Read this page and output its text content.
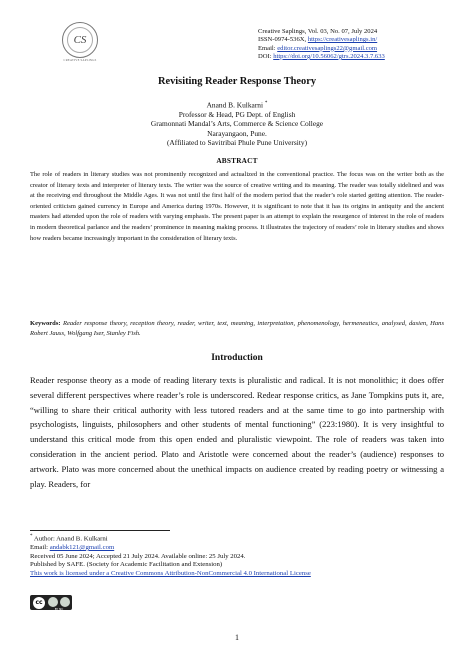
CS
CREATIVE SAPLINGS
Creative Saplings, Vol. 03, No. 07, July 2024
ISSN-0974-536X, https://creativesaplings.in/
Email: editor.creativesaplings22@gmail.com
DOI: https://doi.org/10.56062/gtrs.2024.3.7.633
Revisiting Reader Response Theory
Anand B. Kulkarni *
Professor & Head, PG Dept. of English
Gramonnati Mandal’s Arts, Commerce & Science College
Narayangaon, Pune.
(Affiliated to Savitribai Phule Pune University)
ABSTRACT
The role of readers in literary studies was not prominently recognized and actualized in the conventional practice. The focus was on the writer both as the creator of literary texts and interpreter of literary texts. The writer was the source of creative writing and its meaning. The reader was totally sidelined and was at the receiving end throughout the Middle Ages. It was not until the first half of the modern period that the reader’s role started getting attention. The reader-oriented criticism gained currency in Europe and America during 1970s. However, it is significant to note that it has its origins in antiquity and the ancient masters had attended upon the role of readers with varying emphasis. The present paper is an attempt to explain the resurgence of interest in the role of readers in modern theoretical parlance and the readers’ prominence in meaning making process. It illustrates the trajectory of readers’ role in literary studies and shows how readers became increasingly important in the consideration of literary texts.
Keywords: Reader response theory, reception theory, reader, writer, text, meaning, interpretation, phenomenology, hermeneutics, analysed, dasien, Hans Robert Jauss, Wolfgang Iser, Stanley Fish.
Introduction
Reader response theory as a mode of reading literary texts is pluralistic and radical. It is not monolithic; it does offer several different perspectives where reader’s role is underscored. Redear response critics, as Jane Tompkins puts it, are, “willing to share their critical authority with less tutored readers and at the same time to go into partnership with psychologists, linguists, philosophers and other students of mental functioning” (223:1980). It is very insightful to understand this critical mode from this open ended and pluralistic viewpoint. The role of readers was taken into consideration in the ancient period. Plato and Aristotle were concerned about the reader’s (audience) responses to artwork. Plato was more concerned about the unethical impacts on audience created by reading poetry or witnessing a play. Readers, for
* Author: Anand B. Kulkarni
Email: andabk121@gmail.com
Received 05 June 2024; Accepted 21 July 2024. Available online: 25 July 2024.
Published by SAFE. (Society for Academic Facilitation and Extension)
This work is licensed under a Creative Commons Attribution-NonCommercial 4.0 International License
cc
BY NC
1
